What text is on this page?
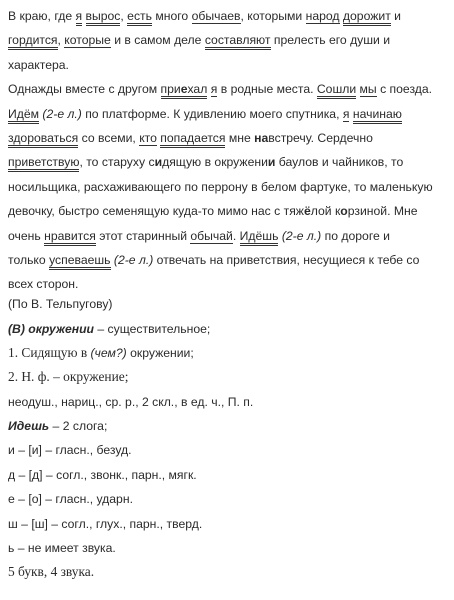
В краю, где я вырос, есть много обычаев, которыми народ дорожит и
гордится, которые и в самом деле составляют прелесть его души и
характера.
Однажды вместе с другом приехал я в родные места. Сошли мы с поезда.
Идём (2-е л.) по платформе. К удивлению моего спутника, я начинаю
здороваться со всеми, кто попадается мне навстречу. Сердечно
приветствую, то старуху сидящую в окружении баулов и чайников, то
носильщика, расхаживающего по перрону в белом фартуке, то маленькую
девочку, быстро семенящую куда-то мимо нас с тяжёлой корзиной. Мне
очень нравится этот старинный обычай. Идёшь (2-е л.) по дороге и
только успеваешь (2-е л.) отвечать на приветствия, несущиеся к тебе со
всех сторон.
(По В. Тельпугову)
(В) окружении – существительное;
1. Сидящую в (чем?) окружении;
2. Н. ф. – окружение;
неодуш., нариц., ср. р., 2 скл., в ед. ч., П. п.
Идешь – 2 слога;
и – [и] – гласн., безуд.
д – [д] – согл., звонк., парн., мягк.
е – [о] – гласн., ударн.
ш – [ш] – согл., глух., парн., тверд.
ь – не имеет звука.
5 букв, 4 звука.
